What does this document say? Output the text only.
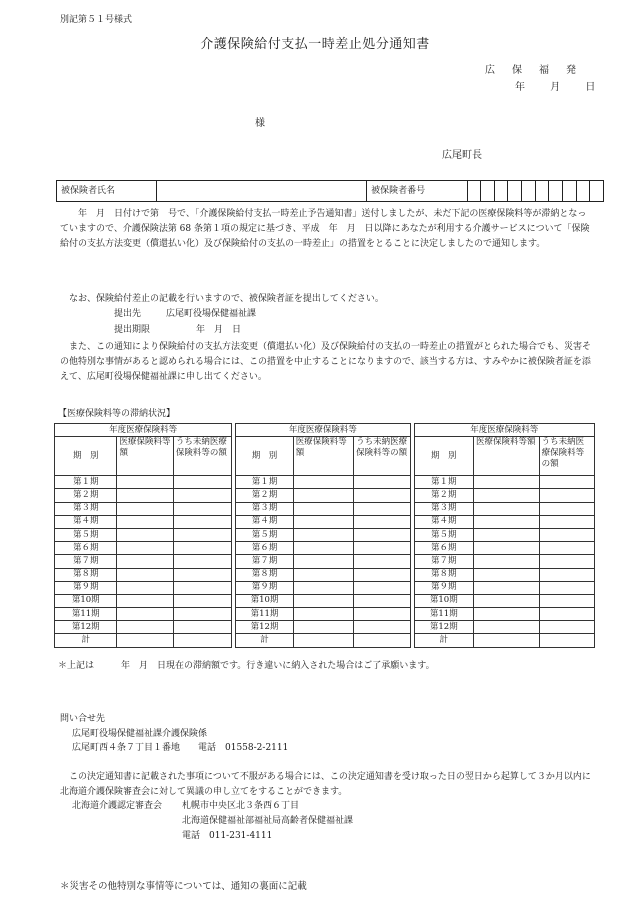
別記第５１号様式
介護保険給付支払一時差止処分通知書
広保福発
年	月	日
様
広尾町長
被保険者氏名		被保険者番号										
年　月　日付けで第　号で、「介護保険給付支払一時差止予告通知書」送付しましたが、未だ下記の医療保険料等が滞納となっていますので、介護保険法第 68 条第１項の規定に基づき、平成　年　月　日以降にあなたが利用する介護サービスについて「保険給付の支払方法変更（償還払い化）及び保険給付の支払の一時差止」の措置をとることに決定しましたので通知します。
なお、保険給付差止の記載を行いますので、被保険者証を提出してください。
提出先	広尾町役場保健福祉課
提出期限	年　月　日
また、この通知により保険給付の支払方法変更（償還払い化）及び保険給付の支払の一時差止の措置がとられた場合でも、災害その他特別な事情があると認められる場合には、この措置を中止することになりますので、該当する方は、すみやかに被保険者証を添えて、広尾町役場保健福祉課に申し出てください。
【医療保険料等の滞納状況】
年度医療保険料等				年度医療保険料等				年度医療保険料等		
期　別	医療保険料等額	うち未納医療保険料等の額		期　別	医療保険料等額	うち未納医療保険料等の額		期　別	医療保険料等額	うち未納医療保険料等の額
第１期				第１期				第１期		
第２期				第２期				第２期		
第３期				第３期				第３期		
第４期				第４期				第４期		
第５期				第５期				第５期		
第６期				第６期				第６期		
第７期				第７期				第７期		
第８期				第８期				第８期		
第９期				第９期				第９期		
第10期				第10期				第10期		
第11期				第11期				第11期		
第12期				第12期				第12期		
計				計				計		
＊上記は　　　年　月　日現在の滞納額です。行き違いに納入された場合はご了承願います。
問い合せ先
広尾町役場保健福祉課介護保険係
広尾町西４条７丁目１番地　　電話　01558-2-2111
この決定通知書に記載された事項について不服がある場合には、この決定通知書を受け取った日の翌日から起算して３か月以内に北海道介護保険審査会に対して異議の申し立てをすることができます。
北海道介護認定審査会 札幌市中央区北３条西６丁目
北海道保健福祉部福祉局高齢者保健福祉課
電話　011-231-4111
＊災害その他特別な事情等については、通知の裏面に記載
